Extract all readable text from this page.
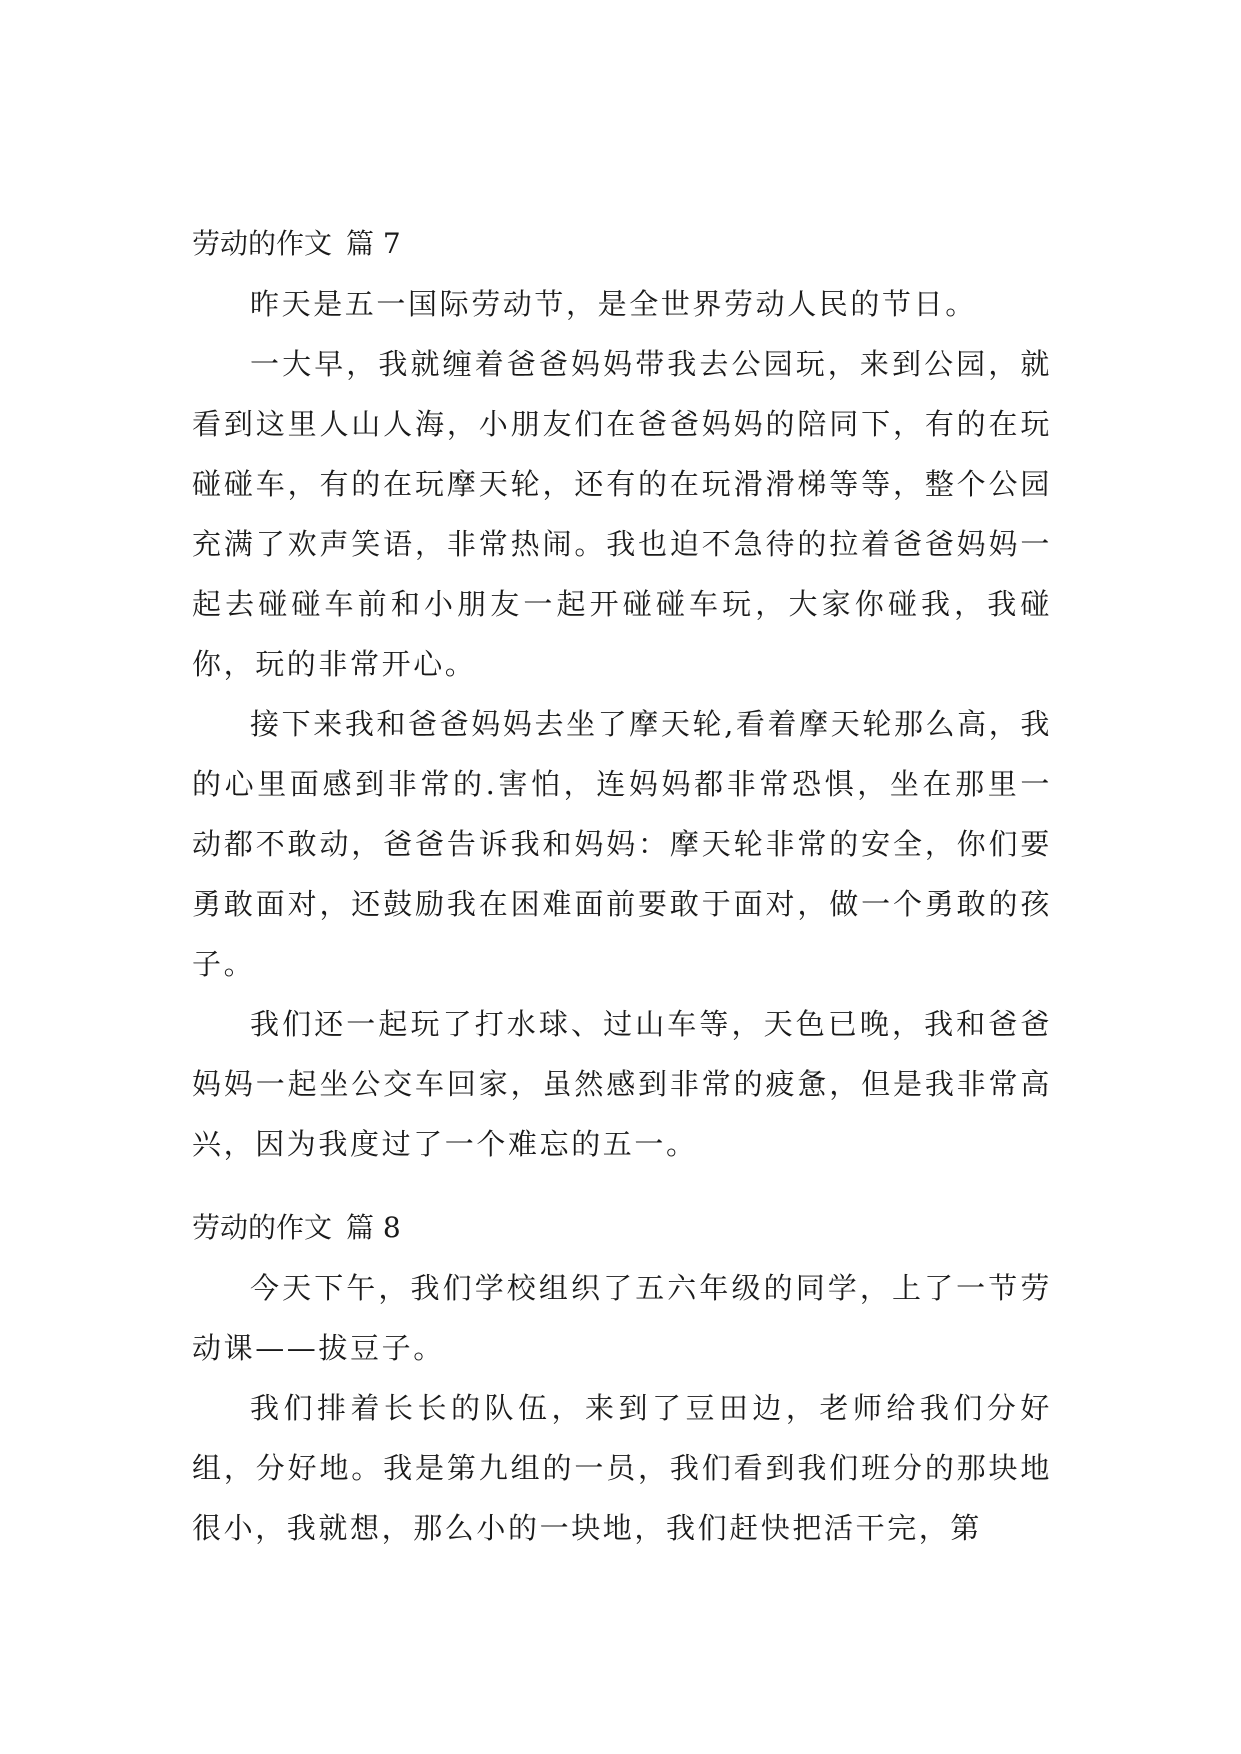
劳动的作文 篇 7

昨天是五一国际劳动节，是全世界劳动人民的节日。

一大早，我就缠着爸爸妈妈带我去公园玩，来到公园，就看到这里人山人海，小朋友们在爸爸妈妈的陪同下，有的在玩碰碰车，有的在玩摩天轮，还有的在玩滑滑梯等等，整个公园充满了欢声笑语，非常热闹。我也迫不急待的拉着爸爸妈妈一起去碰碰车前和小朋友一起开碰碰车玩，大家你碰我，我碰你，玩的非常开心。

接下来我和爸爸妈妈去坐了摩天轮,看着摩天轮那么高，我的心里面感到非常的.害怕，连妈妈都非常恐惧，坐在那里一动都不敢动，爸爸告诉我和妈妈：摩天轮非常的安全，你们要勇敢面对，还鼓励我在困难面前要敢于面对，做一个勇敢的孩子。

我们还一起玩了打水球、过山车等，天色已晚，我和爸爸妈妈一起坐公交车回家，虽然感到非常的疲惫，但是我非常高兴，因为我度过了一个难忘的五一。

劳动的作文 篇 8

今天下午，我们学校组织了五六年级的同学，上了一节劳动课——拔豆子。

我们排着长长的队伍，来到了豆田边，老师给我们分好组，分好地。我是第九组的一员，我们看到我们班分的那块地很小，我就想，那么小的一块地，我们赶快把活干完，第
